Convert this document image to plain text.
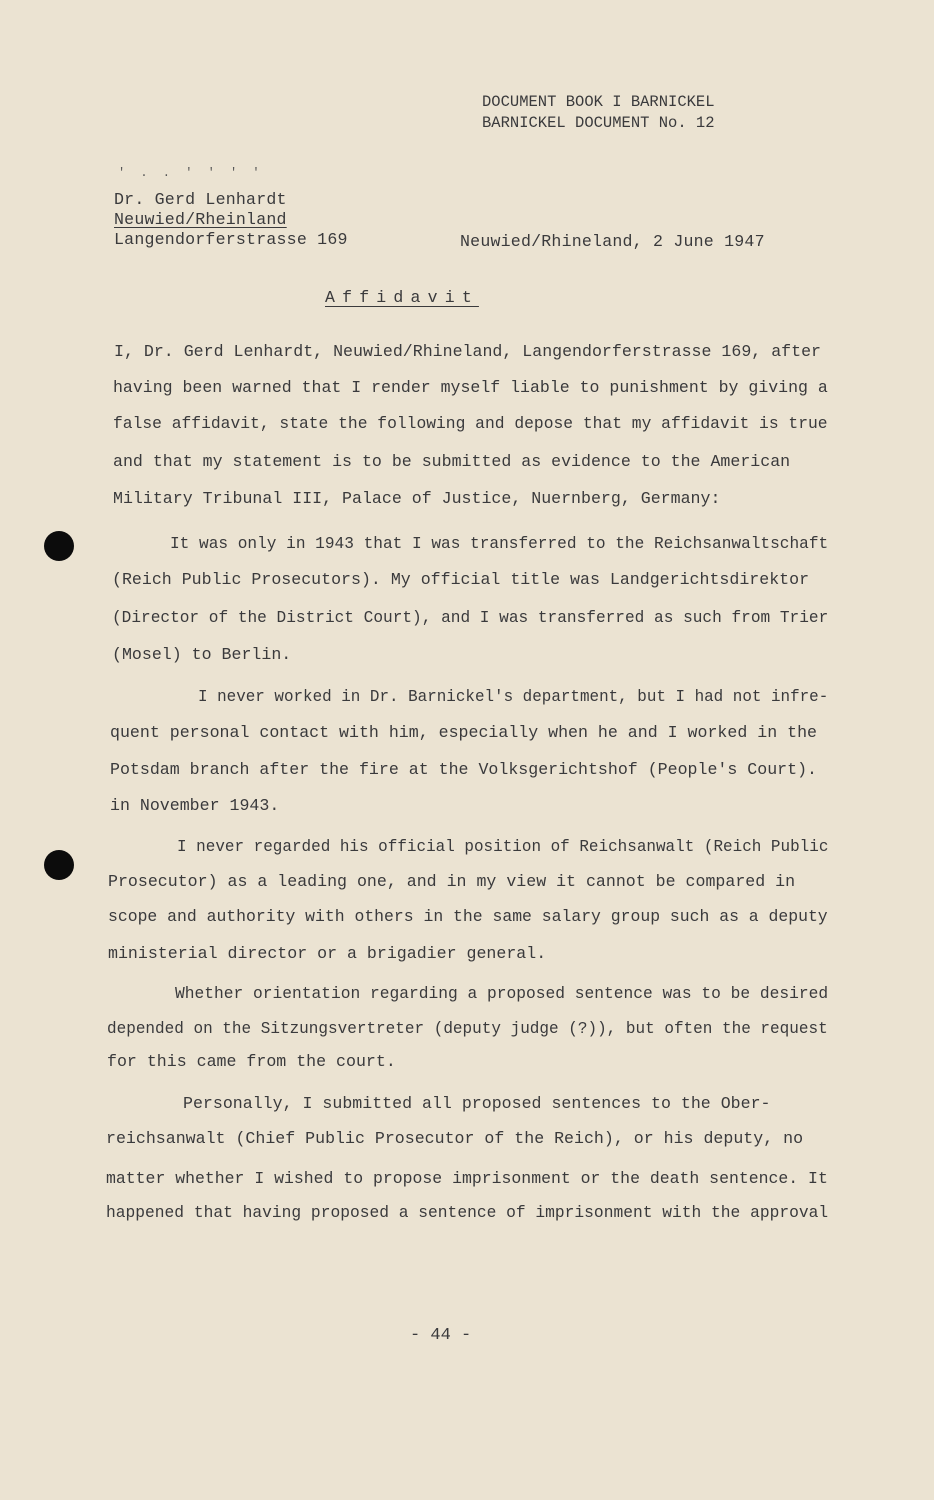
DOCUMENT BOOK I BARNICKEL
BARNICKEL DOCUMENT No. 12
' . . ' ' ' '
Dr. Gerd Lenhardt
Neuwied/Rheinland
Langendorferstrasse 169	Neuwied/Rhineland, 2 June 1947
Affidavit
I, Dr. Gerd Lenhardt, Neuwied/Rhineland, Langendorferstrasse 169, after
having been warned that I render myself liable to punishment by giving a
false affidavit, state the following and depose that my affidavit is true
and that my statement is to be submitted as evidence to the American
Military Tribunal III, Palace of Justice, Nuernberg, Germany:
It was only in 1943 that I was transferred to the Reichsanwaltschaft
(Reich Public Prosecutors). My official title was Landgerichtsdirektor
(Director of the District Court), and I was transferred as such from Trier
(Mosel) to Berlin.
I never worked in Dr. Barnickel's department, but I had not infre-
quent personal contact with him, especially when he and I worked in the
Potsdam branch after the fire at the Volksgerichtshof (People's Court).
in November 1943.
I never regarded his official position of Reichsanwalt (Reich Public
Prosecutor) as a leading one, and in my view it cannot be compared in
scope and authority with others in the same salary group such as a deputy
ministerial director or a brigadier general.
Whether orientation regarding a proposed sentence was to be desired
depended on the Sitzungsvertreter (deputy judge (?)), but often the request
for this came from the court.
Personally, I submitted all proposed sentences to the Ober-
reichsanwalt (Chief Public Prosecutor of the Reich), or his deputy, no
matter whether I wished to propose imprisonment or the death sentence. It
happened that having proposed a sentence of imprisonment with the approval
- 44 -
